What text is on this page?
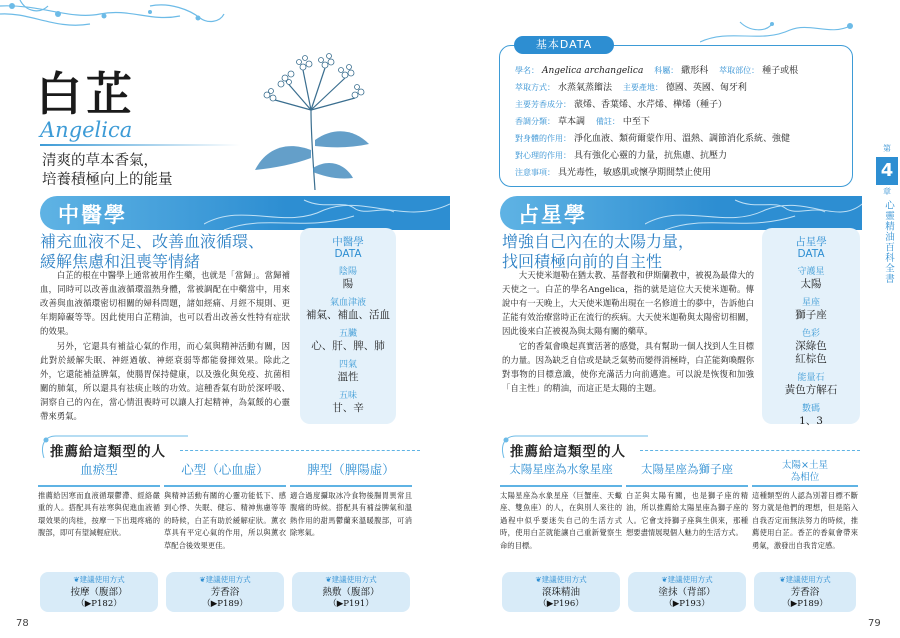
白芷
Angelica
清爽的草本香氣，
培養積極向上的能量
中醫學
補充血液不足、改善血液循環、
緩解焦慮和沮喪等情緒

白芷的根在中醫學上通常被用作生藥，也就是「當歸」。當歸補血，同時可以改善血液循環溫熱身體，常被調配在中藥當中，用來改善與血液循環密切相關的婦科問題，諸如經痛、月經不規則、更年期障礙等等。因此使用白芷精油，也可以看出改善女性特有症狀的效果。

另外，它還具有補益心氣的作用，而心氣與精神活動有關，因此對於緩解失眠、神經過敏、神經衰弱等都能發揮效果。除此之外，它還能補益脾氣，使腸胃保持健康，以及強化與免疫、抗菌相關的肺氣，所以還具有祛痰止咳的功效。這種香氣有助於深呼吸、洞察自己的內在，當心情沮喪時可以讓人打起精神，為氣餒的心靈帶來勇氣。

中醫學
DATA
陰陽
陽
氣血津液
補氣、補血、活血
五臟
心、肝、脾、肺
四氣
溫性
五味
甘、辛
推薦給這類型的人
血瘀型
推薦給因寒而血液循環鬱滯、經絡嚴重的人。搭配具有祛寒與促進血液循環效果的肉桂，按摩一下出現疼痛的腹部，即可有望減輕症狀。
❦建議使用方式
按摩（腹部）
（▶P182）
心型（心血虛）
與精神活動有關的心靈功能低下、感到心悸、失眠、健忘、精神焦慮等等的時候，白芷有助於緩解症狀。薰衣草具有平定心氣的作用，所以與薰衣草配合後效果更佳。
❦建議使用方式
芳香浴
（▶P189）
脾型（脾陽虛）
適合過度攝取冰冷食物後腸胃異常且腹痛的時候。搭配具有補益脾氣和溫熱作用的甜馬鬱蘭來溫暖腹部，可消除寒氣。
❦建議使用方式
熱敷（腹部）
（▶P191）
78
基本DATA
學名： Angelica archangelica 科屬： 繖形科 萃取部位： 種子或根
萃取方式： 水蒸氣蒸餾法 主要產地： 德國、英國、匈牙利
主要芳香成分： 蒎烯、香葉烯、水芹烯、樺烯（種子）
香調分類： 草本調 備註： 中至下
對身體的作用： 淨化血液、類荷爾蒙作用、溫熱、調節消化系統、強健
對心理的作用： 具有強化心靈的力量，抗焦慮、抗壓力
注意事項： 具光毒性，敏感肌或懷孕期間禁止使用
第
4
章
心靈精油百科全書
占星學
增強自己內在的太陽力量，
找回積極向前的自主性

大天使米迦勒在猶太教、基督教和伊斯蘭教中，被視為最偉大的天使之一。白芷的學名Angelica，指的就是這位大天使米迦勒。傳說中有一天晚上，大天使米迦勒出現在一名修道士的夢中，告訴他白芷能有效治療當時正在流行的疾病。大天使米迦勒與太陽密切相關，因此後來白芷被視為與太陽有關的藥草。

它的香氣會喚起真實活著的感覺，具有幫助一個人找到人生目標的力量。因為缺乏自信或是缺乏氣勢而變得消極時，白芷能夠喚醒你對事物的目標意識，使你充滿活力向前邁進。可以說是恢復和加強「自主性」的精油，而這正是太陽的主題。

占星學
DATA
守護星
太陽
星座
獅子座
色彩
深綠色
紅棕色
能量石
黃色方解石
數碼
1、3
推薦給這類型的人
太陽星座為水象星座
太陽星座為水象星座（巨蟹座、天蠍座、雙魚座）的人，在與別人來往的過程中似乎要迷失自己的生活方式時，使用白芷就能讓自己重新覺察生命的目標。
❦建議使用方式
滾珠精油
（▶P196）
太陽星座為獅子座
白芷與太陽有關，也是獅子座的精油，所以推薦給太陽星座為獅子座的人。它會支持獅子座與生俱來，那種想要盡情展現個人魅力的生活方式。
❦建議使用方式
塗抹（背部）
（▶P193）
太陽×土星
為相位
這種類型的人認為別著目標不斷努力就是他們的理想，但是陷入自我否定而無法努力的時候，推薦使用白芷。香芷的香氣會帶來勇氣，激發出自我肯定感。
❦建議使用方式
芳香浴
（▶P189）
79
